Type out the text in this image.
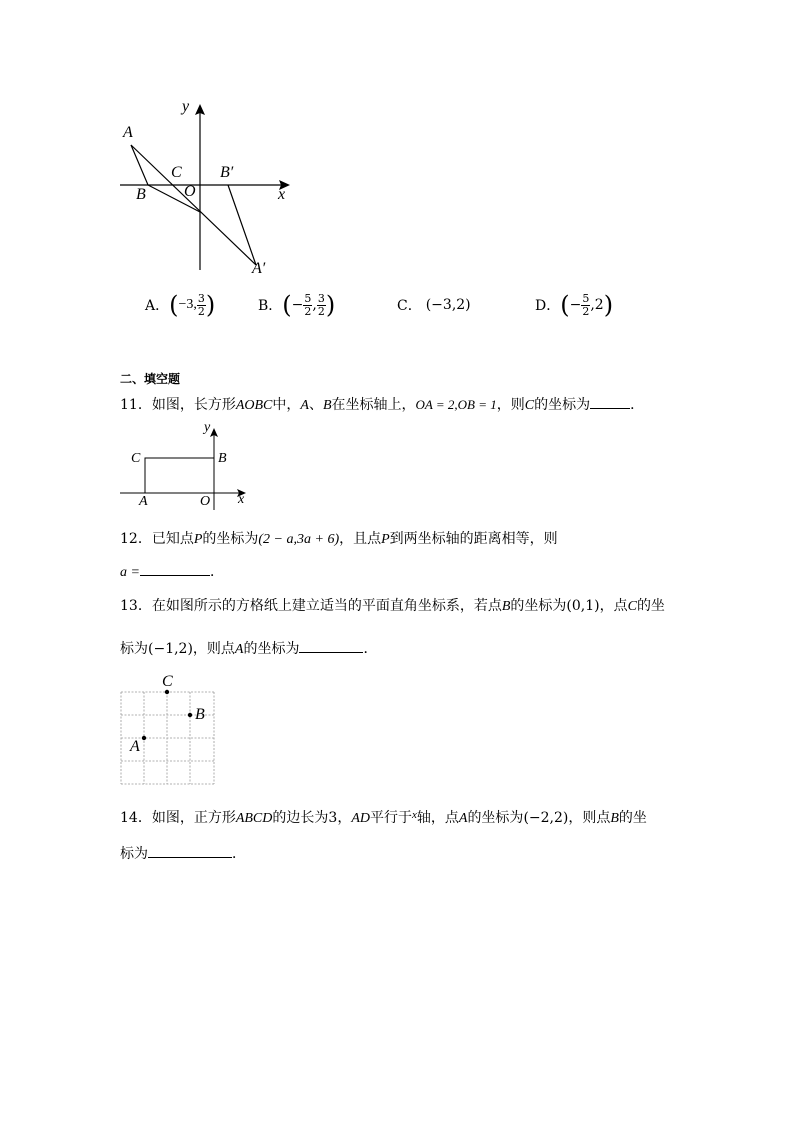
y
x
A
B
C
O
B′
A′
A． ( −3, $\frac{3}{2}$ )	B． ( − $\frac{5}{2}$ , $\frac{3}{2}$ )	C． (−3,2)	D． ( − $\frac{5}{2} ,2$ )
二、填空题
11．如图，长方形AOBC中，A、B在坐标轴上，OA = 2,OB = 1，则C的坐标为	．
y
x
C	B
A	O
12．已知点P的坐标为(2 − a,3a + 6)，且点P到两坐标轴的距离相等，则
a =	．
13．在如图所示的方格纸上建立适当的平面直角坐标系，若点B的坐标为(0,1)，点C的坐
标为(−1,2)，则点A的坐标为	．
C
B
A
14．如图，正方形ABCD的边长为3，AD平行于$^x$轴，点A的坐标为(−2,2)，则点B的坐
标为	．
